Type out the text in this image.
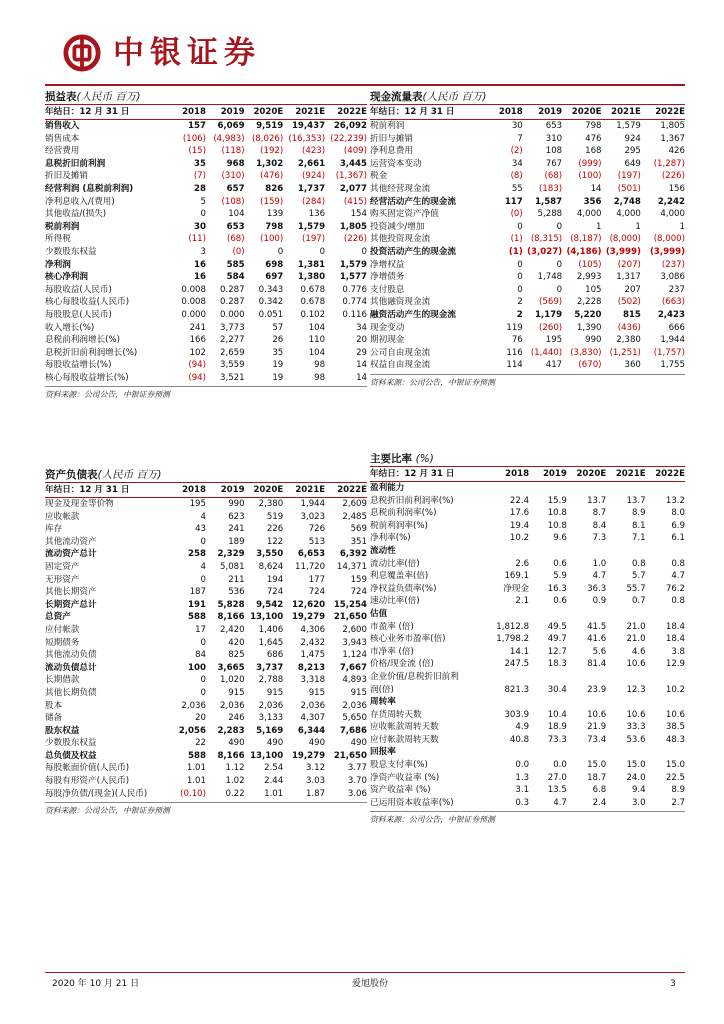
中银证券
损益表(人民币 百万)
年结日：12 月 31 日	2018	2019	2020E	2021E	2022E
销售收入	157	6,069	9,519	19,437	26,092
销售成本	(106)	(4,983)	(8,026)	(16,353)	(22,239)
经营费用	(15)	(118)	(192)	(423)	(409)
息税折旧前利润	35	968	1,302	2,661	3,445
折旧及摊销	(7)	(310)	(476)	(924)	(1,367)
经营利润 (息税前利润)	28	657	826	1,737	2,077
净利息收入/(费用)	5	(108)	(159)	(284)	(415)
其他收益/(损失)	0	104	139	136	154
税前利润	30	653	798	1,579	1,805
所得税	(11)	(68)	(100)	(197)	(226)
少数股东权益	3	(0)	0	0	0
净利润	16	585	698	1,381	1,579
核心净利润	16	584	697	1,380	1,577
每股收益(人民币)	0.008	0.287	0.343	0.678	0.776
核心每股收益(人民币)	0.008	0.287	0.342	0.678	0.774
每股股息(人民币)	0.000	0.000	0.051	0.102	0.116
收入增长(%)	241	3,773	57	104	34
息税前利润增长(%)	166	2,277	26	110	20
息税折旧前利润增长(%)	102	2,659	35	104	29
每股收益增长(%)	(94)	3,559	19	98	14
核心每股收益增长(%)	(94)	3,521	19	98	14
资料来源：公司公告，中银证券预测
现金流量表(人民币 百万)
年结日：12 月 31 日	2018	2019	2020E	2021E	2022E
税前利润	30	653	798	1,579	1,805
折旧与摊销	7	310	476	924	1,367
净利息费用	(2)	108	168	295	426
运营资本变动	34	767	(999)	649	(1,287)
税金	(8)	(68)	(100)	(197)	(226)
其他经营现金流	55	(183)	14	(501)	156
经营活动产生的现金流	117	1,587	356	2,748	2,242
购买固定资产净值	(0)	5,288	4,000	4,000	4,000
投资减少/增加	0	0	1	1	1
其他投资现金流	(1)	(8,315)	(8,187)	(8,000)	(8,000)
投资活动产生的现金流	(1)	(3,027)	(4,186)	(3,999)	(3,999)
净增权益	0	0	(105)	(207)	(237)
净增债务	0	1,748	2,993	1,317	3,086
支付股息	0	0	105	207	237
其他融资现金流	2	(569)	2,228	(502)	(663)
融资活动产生的现金流	2	1,179	5,220	815	2,423
现金变动	119	(260)	1,390	(436)	666
期初现金	76	195	990	2,380	1,944
公司自由现金流	116	(1,440)	(3,830)	(1,251)	(1,757)
权益自由现金流	114	417	(670)	360	1,755
资料来源：公司公告，中银证券预测
资产负债表(人民币 百万)
年结日：12 月 31 日	2018	2019	2020E	2021E	2022E
现金及现金等价物	195	990	2,380	1,944	2,609
应收帐款	4	623	519	3,023	2,485
库存	43	241	226	726	569
其他流动资产	0	189	122	513	351
流动资产总计	258	2,329	3,550	6,653	6,392
固定资产	4	5,081	8,624	11,720	14,371
无形资产	0	211	194	177	159
其他长期资产	187	536	724	724	724
长期资产总计	191	5,828	9,542	12,620	15,254
总资产	588	8,166	13,100	19,279	21,650
应付帐款	17	2,420	1,406	4,306	2,600
短期债务	0	420	1,645	2,432	3,943
其他流动负债	84	825	686	1,475	1,124
流动负债总计	100	3,665	3,737	8,213	7,667
长期借款	0	1,020	2,788	3,318	4,893
其他长期负债	0	915	915	915	915
股本	2,036	2,036	2,036	2,036	2,036
储备	20	246	3,133	4,307	5,650
股东权益	2,056	2,283	5,169	6,344	7,686
少数股东权益	22	490	490	490	490
总负债及权益	588	8,166	13,100	19,279	21,650
每股帐面价值(人民币)	1.01	1.12	2.54	3.12	3.77
每股有形资产(人民币)	1.01	1.02	2.44	3.03	3.70
每股净负债/(现金)(人民币)	(0.10)	0.22	1.01	1.87	3.06
资料来源：公司公告，中银证券预测
主要比率 (%)
年结日：12 月 31 日	2018	2019	2020E	2021E	2022E
盈利能力					
息税折旧前利润率(%)	22.4	15.9	13.7	13.7	13.2
息税前利润率(%)	17.6	10.8	8.7	8.9	8.0
税前利润率(%)	19.4	10.8	8.4	8.1	6.9
净利率(%)	10.2	9.6	7.3	7.1	6.1
流动性					
流动比率(倍)	2.6	0.6	1.0	0.8	0.8
利息覆盖率(倍)	169.1	5.9	4.7	5.7	4.7
净权益负债率(%)	净现金	16.3	36.3	55.7	76.2
速动比率(倍)	2.1	0.6	0.9	0.7	0.8
估值					
市盈率 (倍)	1,812.8	49.5	41.5	21.0	18.4
核心业务市盈率(倍)	1,798.2	49.7	41.6	21.0	18.4
市净率 (倍)	14.1	12.7	5.6	4.6	3.8
价格/现金流 (倍)	247.5	18.3	81.4	10.6	12.9
企业价值/息税折旧前利					
润(倍)	821.3	30.4	23.9	12.3	10.2
周转率					
存货周转天数	303.9	10.4	10.6	10.6	10.6
应收帐款周转天数	4.9	18.9	21.9	33.3	38.5
应付帐款周转天数	40.8	73.3	73.4	53.6	48.3
回报率					
股息支付率(%)	0.0	0.0	15.0	15.0	15.0
净资产收益率 (%)	1.3	27.0	18.7	24.0	22.5
资产收益率 (%)	3.1	13.5	6.8	9.4	8.9
已运用资本收益率(%)	0.3	4.7	2.4	3.0	2.7
资料来源：公司公告，中银证券预测
2020 年 10 月 21 日	爱旭股份	3
